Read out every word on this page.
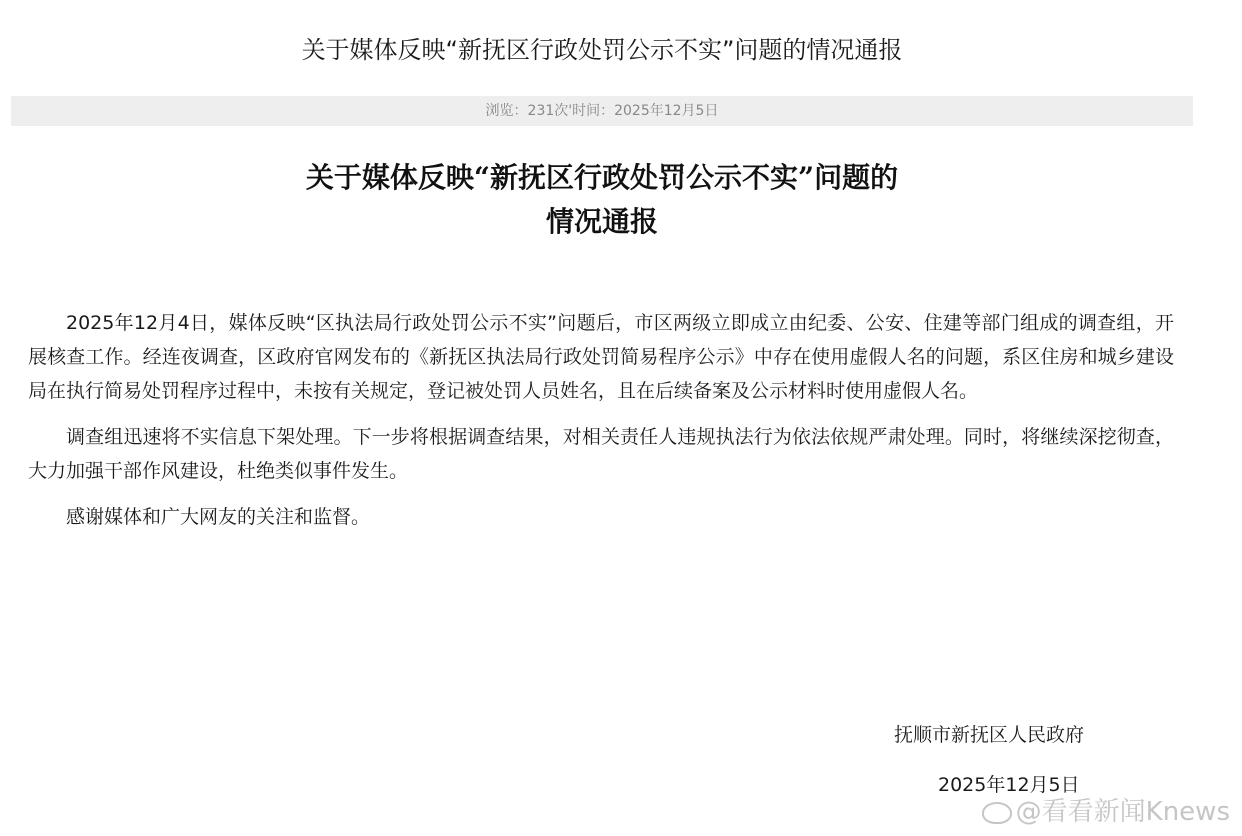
关于媒体反映“新抚区行政处罚公示不实”问题的情况通报
浏览：231次'时间：2025年12月5日
关于媒体反映“新抚区行政处罚公示不实”问题的
情况通报

2025年12月4日，媒体反映“区执法局行政处罚公示不实”问题后，市区两级立即成立由纪委、公安、住建等部门组成的调查组，开展核查工作。经连夜调查，区政府官网发布的《新抚区执法局行政处罚简易程序公示》中存在使用虚假人名的问题，系区住房和城乡建设局在执行简易处罚程序过程中，未按有关规定，登记被处罚人员姓名，且在后续备案及公示材料时使用虚假人名。

调查组迅速将不实信息下架处理。下一步将根据调查结果，对相关责任人违规执法行为依法依规严肃处理。同时，将继续深挖彻查，大力加强干部作风建设，杜绝类似事件发生。

感谢媒体和广大网友的关注和监督。

抚顺市新抚区人民政府
2025年12月5日
@看看新闻Knews
